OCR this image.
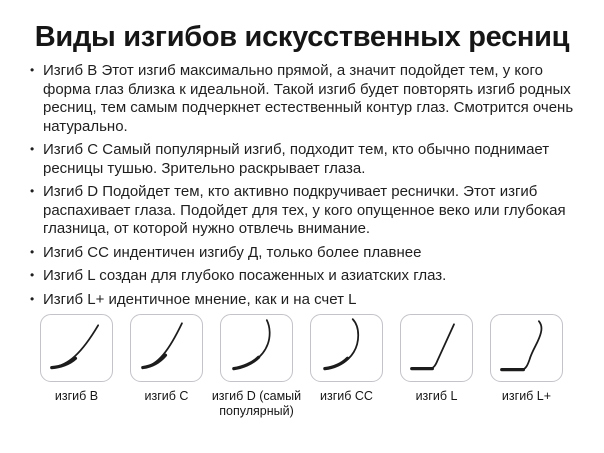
Виды изгибов искусственных ресниц
• Изгиб B Этот изгиб максимально прямой, а значит подойдет тем, у кого форма глаз близка к идеальной. Такой изгиб будет повторять изгиб родных ресниц, тем самым подчеркнет естественный контур глаз. Смотрится очень натурально.
• Изгиб C Самый популярный изгиб, подходит тем, кто обычно поднимает ресницы тушью. Зрительно раскрывает глаза.
• Изгиб D Подойдет тем, кто активно подкручивает реснички. Этот изгиб распахивает глаза. Подойдет для тех, у кого опущенное веко или глубокая глазница, от которой нужно отвлечь внимание.
• Изгиб CC индентичен изгибу Д, только более плавнее
• Изгиб L создан для глубоко посаженных и азиатских глаз.
• Изгиб L+ идентичное мнение, как и на счет L
изгиб B	изгиб C	изгиб D (самый популярный)
изгиб CC	изгиб L	изгиб L+
